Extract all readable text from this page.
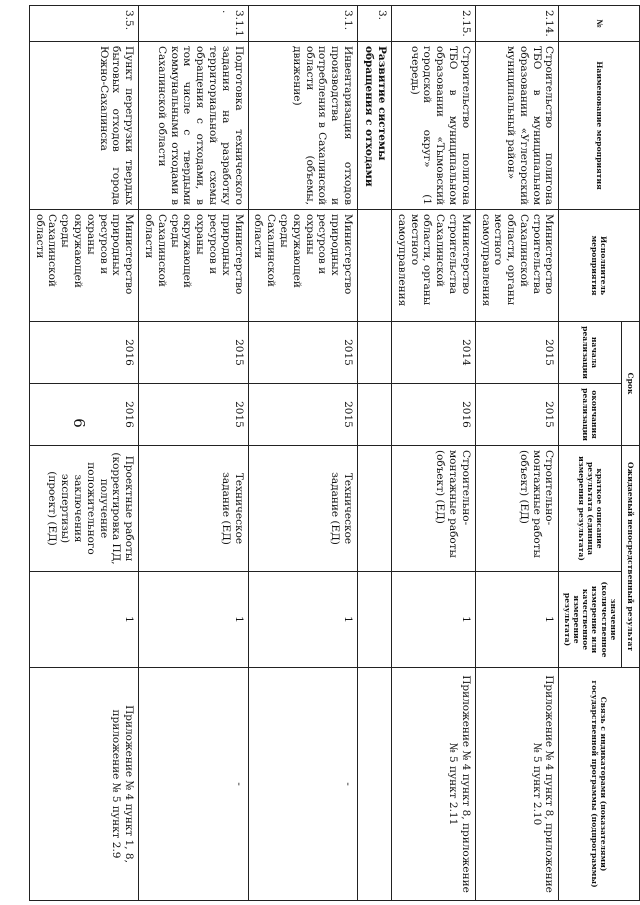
6
№	Наименование мероприятия	Исполнитель мероприятия	Срок		Ожидаемый непосредственный результат		Связь с индикаторами (показателями) государственной программы (подпрограммы)
			начала реализации	окончания реализации	краткое описание результата (единица измерения результата)	значение (количественное измерение или качественное измерение результата)	
2.14.	Строительство полигона ТБО в муниципальном образовании «Углегорский муниципальный район»	Министерство строительства Сахалинской области, органы местного самоуправления	2015	2015	Строительно-монтажные работы (объект) (ЕД)	1	Приложение № 4 пункт 8, приложение № 5 пункт 2.10
2.15.	Строительство полигона ТБО в муниципальном образовании «Тымовский городской округ» (1 очередь)	Министерство строительства Сахалинской области, органы местного самоуправления	2014	2016	Строительно-монтажные работы (объект) (ЕД)	1	Приложение № 4 пункт 8, приложение № 5 пункт 2.11
3.	Развитие системы обращения с отходами						
3.1.	Инвентаризация отходов производства и потребления в Сахалинской области (объемы, движение)	Министерство природных ресурсов и охраны окружающей среды Сахалинской области	2015	2015	Техническое задание (ЕД)	1	-
3.1.1.	Подготовка технического задания на разработку территориальной схемы обращения с отходами, в том числе с твердыми коммунальными отходами в Сахалинской области	Министерство природных ресурсов и охраны окружающей среды Сахалинской области	2015	2015	Техническое задание (ЕД)	1	-
3.5.	Пункт перегрузки твердых бытовых отходов города Южно-Сахалинска	Министерство природных ресурсов и охраны окружающей среды Сахалинской области	2016	2016	Проектные работы (корректировка ПД, получение положительного заключения экспертизы) (проект) (ЕД)	1	Приложение № 4 пункт 1, 8, приложение № 5 пункт 2.9
